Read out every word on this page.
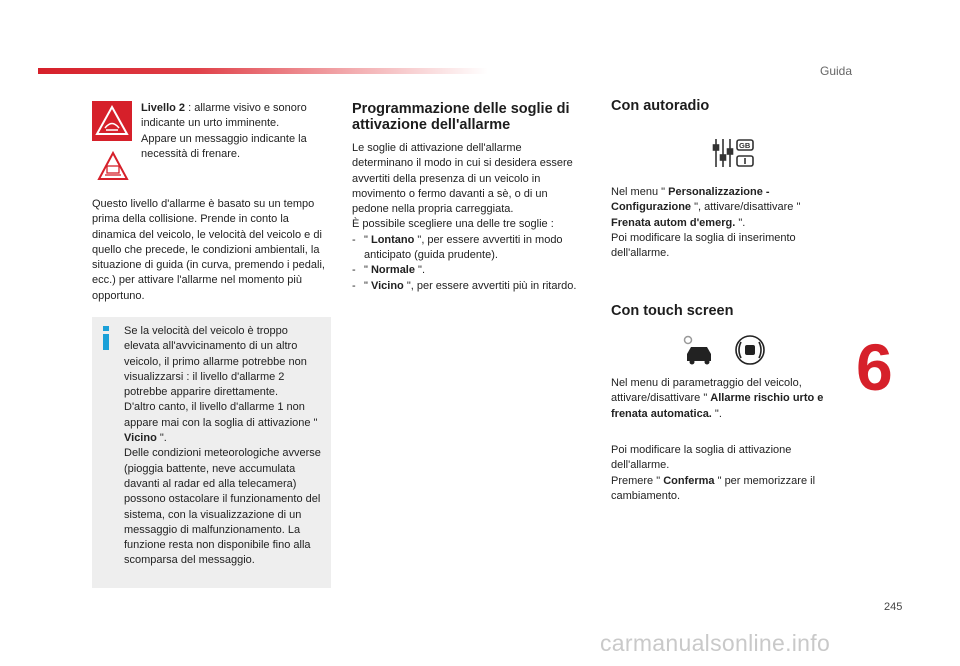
Guida
6
245

Livello 2 : allarme visivo e sonoro indicante un urto imminente.

Appare un messaggio indicante la necessità di frenare.

Questo livello d'allarme è basato su un tempo prima della collisione. Prende in conto la dinamica del veicolo, le velocità del veicolo e di quello che precede, le condizioni ambientali, la situazione di guida (in curva, premendo i pedali, ecc.) per attivare l'allarme nel momento più opportuno.

Se la velocità del veicolo è troppo elevata all'avvicinamento di un altro veicolo, il primo allarme potrebbe non visualizzarsi : il livello d'allarme 2 potrebbe apparire direttamente.

D'altro canto, il livello d'allarme 1 non appare mai con la soglia di attivazione " Vicino ".

Delle condizioni meteorologiche avverse (pioggia battente, neve accumulata davanti al radar ed alla telecamera) possono ostacolare il funzionamento del sistema, con la visualizzazione di un messaggio di malfunzionamento. La funzione resta non disponibile fino alla scomparsa del messaggio.

Programmazione delle soglie di attivazione dell'allarme

Le soglie di attivazione dell'allarme determinano il modo in cui si desidera essere avvertiti della presenza di un veicolo in movimento o fermo davanti a sè, o di un pedone nella propria carreggiata.

È possibile scegliere una delle tre soglie :

- " Lontano ", per essere avvertiti in modo anticipato (guida prudente).
- " Normale ".
- " Vicino ", per essere avvertiti più in ritardo.
Con autoradio
GB

Nel menu " Personalizzazione - Configurazione ", attivare/disattivare " Frenata autom d'emerg. ".

Poi modificare la soglia di inserimento dell'allarme.

Con touch screen

Nel menu di parametraggio del veicolo, attivare/disattivare " Allarme rischio urto e frenata automatica. ".

Poi modificare la soglia di attivazione dell'allarme.

Premere " Conferma " per memorizzare il cambiamento.

carmanualsonline.info
